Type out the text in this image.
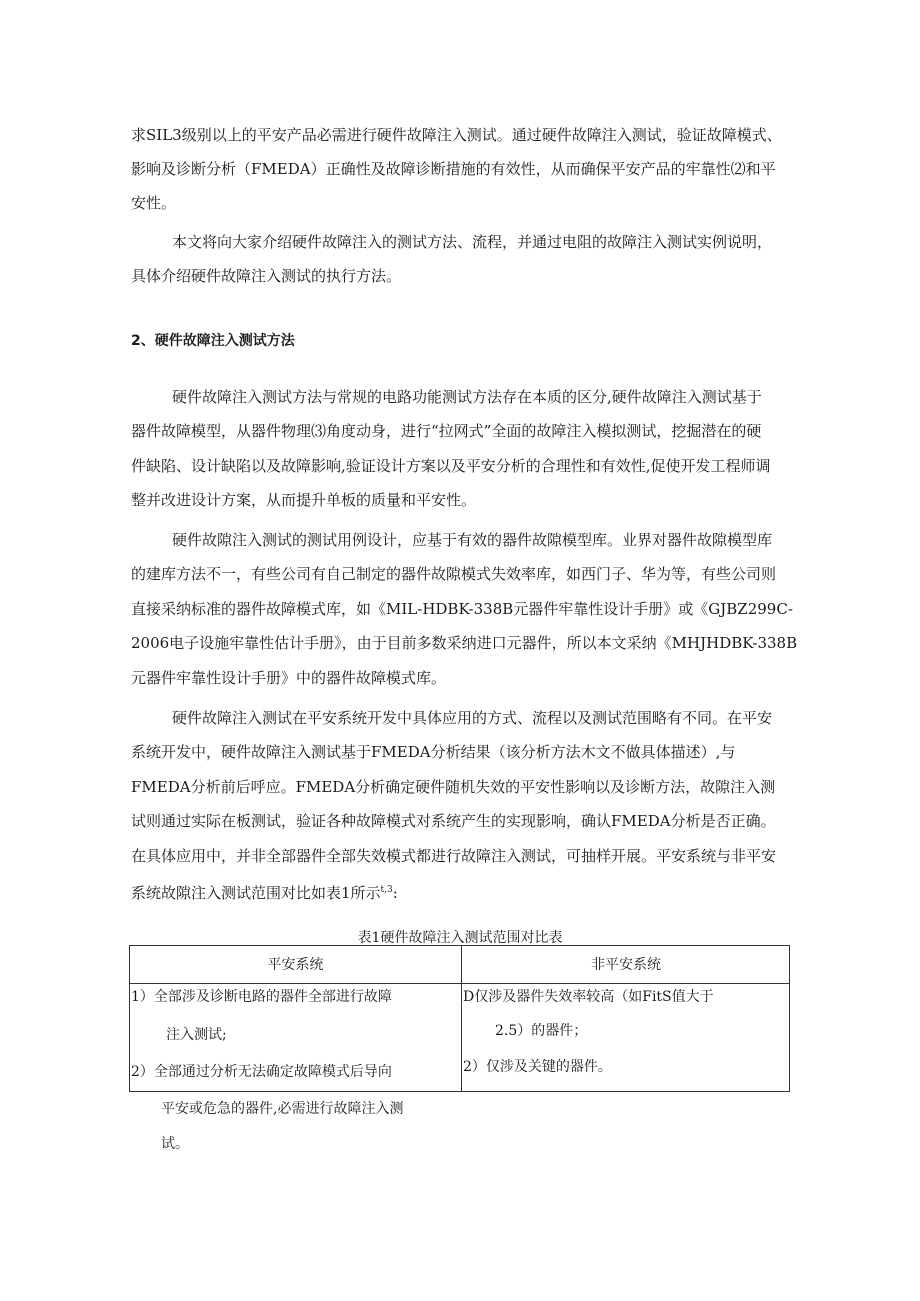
求SIL3级别以上的平安产品必需进行硬件故障注入测试。通过硬件故障注入测试，验证故障模式、
影响及诊断分析（FMEDA）正确性及故障诊断措施的有效性，从而确保平安产品的牢靠性⑵和平
安性。
本文将向大家介绍硬件故障注入的测试方法、流程，并通过电阻的故障注入测试实例说明，
具体介绍硬件故障注入测试的执行方法。
2、硬件故障注入测试方法
硬件故障注入测试方法与常规的电路功能测试方法存在本质的区分,硬件故障注入测试基于
器件故障模型，从器件物理⑶角度动身，进行“拉网式”全面的故障注入模拟测试，挖掘潜在的硬
件缺陷、设计缺陷以及故障影响,验证设计方案以及平安分析的合理性和有效性,促使开发工程师调
整并改进设计方案，从而提升单板的质量和平安性。
硬件故隙注入测试的测试用例设计，应基于有效的器件故隙模型库。业界对器件故隙模型库
的建库方法不一，有些公司有自己制定的器件故隙模式失效率库，如西门子、华为等，有些公司则
直接采纳标准的器件故障模式库，如《MIL-HDBK-338B元器件牢靠性设计手册》或《GJBZ299C-
2006电子设施牢靠性估计手册》，由于目前多数采纳进口元器件，所以本文采纳《MHJHDBK-338B
元器件牢靠性设计手册》中的器件故障模式库。
硬件故障注入测试在平安系统开发中具体应用的方式、流程以及测试范围略有不同。在平安
系统开发中，硬件故障注入测试基于FMEDA分析结果（该分析方法木文不做具体描述）,与
FMEDA分析前后呼应。FMEDA分析确定硬件随机失效的平安性影响以及诊断方法，故隙注入测
试则通过实际在板测试，验证各种故障模式对系统产生的实现影响，确认FMEDA分析是否正确。
在具体应用中，并非全部器件全部失效模式都进行故障注入测试，可抽样开展。平安系统与非平安
系统故隙注入测试范围对比如表1所示$^{t,3}$:
表1硬件故障注入测试范围对比表
平安系统	非平安系统
1）全部涉及诊断电路的器件全部进行故障
注入测试;
2）全部通过分析无法确定故障模式后导向
D仅涉及器件失效率较高（如FitS值大于
2.5）的器件；
2）仅涉及关键的器件。
平安或危急的器件,必需进行故障注入测
试。
